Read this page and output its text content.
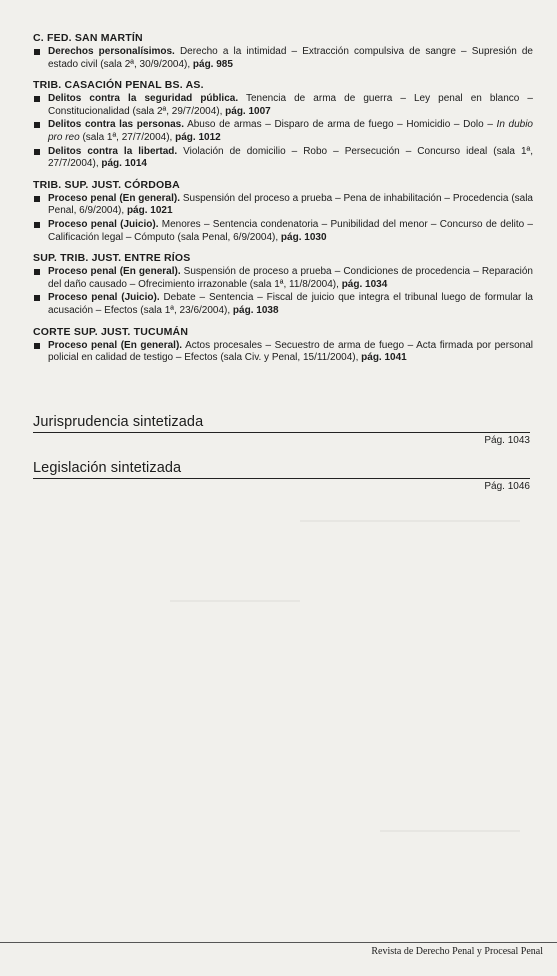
C. FED. SAN MARTÍN
Derechos personalísimos. Derecho a la intimidad – Extracción compulsiva de sangre – Supresión de estado civil (sala 2ª, 30/9/2004), pág. 985
TRIB. CASACIÓN PENAL BS. AS.
Delitos contra la seguridad pública. Tenencia de arma de guerra – Ley penal en blanco – Constitucionalidad (sala 2ª, 29/7/2004), pág. 1007
Delitos contra las personas. Abuso de armas – Disparo de arma de fuego – Homicidio – Dolo – In dubio pro reo (sala 1ª, 27/7/2004), pág. 1012
Delitos contra la libertad. Violación de domicilio – Robo – Persecución – Concurso ideal (sala 1ª, 27/7/2004), pág. 1014
TRIB. SUP. JUST. CÓRDOBA
Proceso penal (En general). Suspensión del proceso a prueba – Pena de inhabilitación – Procedencia (sala Penal, 6/9/2004), pág. 1021
Proceso penal (Juicio). Menores – Sentencia condenatoria – Punibilidad del menor – Concurso de delito – Calificación legal – Cómputo (sala Penal, 6/9/2004), pág. 1030
SUP. TRIB. JUST. ENTRE RÍOS
Proceso penal (En general). Suspensión de proceso a prueba – Condiciones de procedencia – Reparación del daño causado – Ofrecimiento irrazonable (sala 1ª, 11/8/2004), pág. 1034
Proceso penal (Juicio). Debate – Sentencia – Fiscal de juicio que integra el tribunal luego de formular la acusación – Efectos (sala 1ª, 23/6/2004), pág. 1038
CORTE SUP. JUST. TUCUMÁN
Proceso penal (En general). Actos procesales – Secuestro de arma de fuego – Acta firmada por personal policial en calidad de testigo – Efectos (sala Civ. y Penal, 15/11/2004), pág. 1041
Jurisprudencia sintetizada
Pág. 1043
Legislación sintetizada
Pág. 1046
Revista de Derecho Penal y Procesal Penal
